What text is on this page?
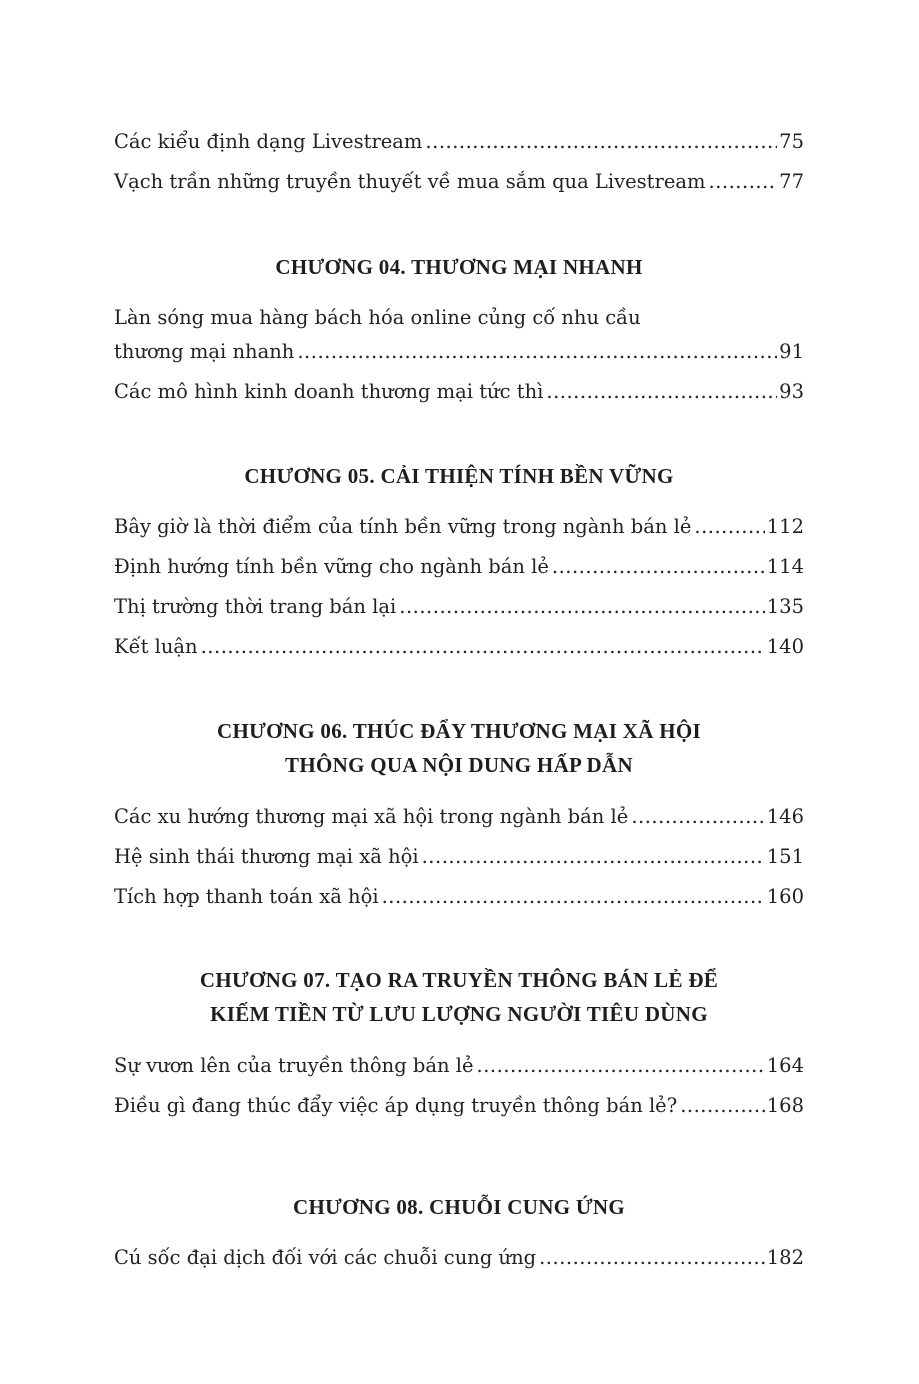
Các kiểu định dạng Livestream .....	75
Vạch trần những truyền thuyết về mua sắm qua Livestream .....	77
CHƯƠNG 04. THƯƠNG MẠI NHANH
Làn sóng mua hàng bách hóa online củng cố nhu cầu
thương mại nhanh .....	91
Các mô hình kinh doanh thương mại tức thì .....	93
CHƯƠNG 05. CẢI THIỆN TÍNH BỀN VỮNG
Bây giờ là thời điểm của tính bền vững trong ngành bán lẻ .....	112
Định hướng tính bền vững cho ngành bán lẻ .....	114
Thị trường thời trang bán lại .....	135
Kết luận .....	140
CHƯƠNG 06. THÚC ĐẨY THƯƠNG MẠI XÃ HỘI
THÔNG QUA NỘI DUNG HẤP DẪN
Các xu hướng thương mại xã hội trong ngành bán lẻ .....	146
Hệ sinh thái thương mại xã hội .....	151
Tích hợp thanh toán xã hội .....	160
CHƯƠNG 07. TẠO RA TRUYỀN THÔNG BÁN LẺ ĐỂ
KIẾM TIỀN TỪ LƯU LƯỢNG NGƯỜI TIÊU DÙNG
Sự vươn lên của truyền thông bán lẻ .....	164
Điều gì đang thúc đẩy việc áp dụng truyền thông bán lẻ? .....	168
CHƯƠNG 08. CHUỖI CUNG ỨNG
Cú sốc đại dịch đối với các chuỗi cung ứng .....	182
